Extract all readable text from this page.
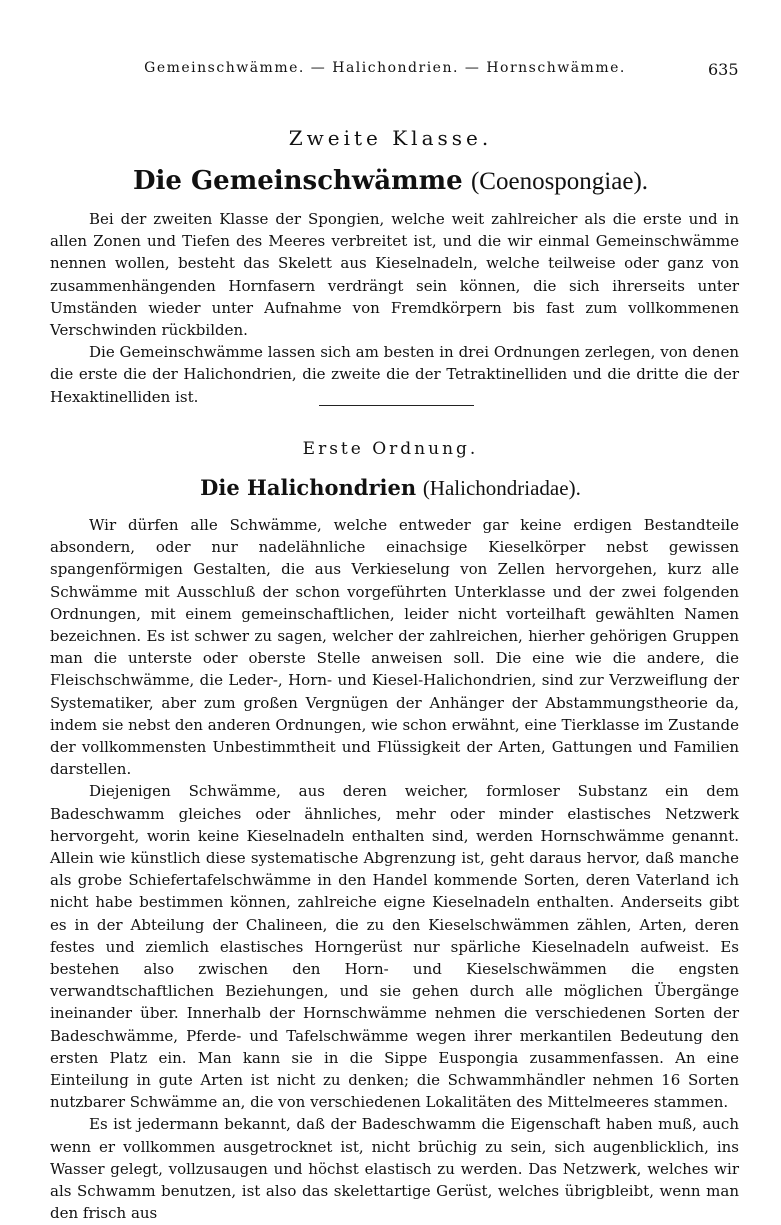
Gemeinschwämme. — Halichondrien. — Hornschwämme.	635
Zweite Klasse.
Die Gemeinschwämme (Coenospongiae).

Bei der zweiten Klasse der Spongien, welche weit zahlreicher als die erste und in allen Zonen und Tiefen des Meeres verbreitet ist, und die wir einmal Gemeinschwämme nennen wollen, besteht das Skelett aus Kieselnadeln, welche teilweise oder ganz von zusammenhängenden Hornfasern verdrängt sein können, die sich ihrerseits unter Umständen wieder unter Aufnahme von Fremdkörpern bis fast zum vollkommenen Verschwinden rückbilden.

Die Gemeinschwämme lassen sich am besten in drei Ordnungen zerlegen, von denen die erste die der Halichondrien, die zweite die der Tetraktinelliden und die dritte die der Hexaktinelliden ist.

Erste Ordnung.
Die Halichondrien (Halichondriadae).

Wir dürfen alle Schwämme, welche entweder gar keine erdigen Bestandteile absondern, oder nur nadelähnliche einachsige Kieselkörper nebst gewissen spangenförmigen Gestalten, die aus Verkieselung von Zellen hervorgehen, kurz alle Schwämme mit Ausschluß der schon vorgeführten Unterklasse und der zwei folgenden Ordnungen, mit einem gemeinschaftlichen, leider nicht vorteilhaft gewählten Namen bezeichnen. Es ist schwer zu sagen, welcher der zahlreichen, hierher gehörigen Gruppen man die unterste oder oberste Stelle anweisen soll. Die eine wie die andere, die Fleischschwämme, die Leder-, Horn- und Kiesel-Halichondrien, sind zur Verzweiflung der Systematiker, aber zum großen Vergnügen der Anhänger der Abstammungstheorie da, indem sie nebst den anderen Ordnungen, wie schon erwähnt, eine Tierklasse im Zustande der vollkommensten Unbestimmtheit und Flüssigkeit der Arten, Gattungen und Familien darstellen.

Diejenigen Schwämme, aus deren weicher, formloser Substanz ein dem Badeschwamm gleiches oder ähnliches, mehr oder minder elastisches Netzwerk hervorgeht, worin keine Kieselnadeln enthalten sind, werden Hornschwämme genannt. Allein wie künstlich diese systematische Abgrenzung ist, geht daraus hervor, daß manche als grobe Schiefertafelschwämme in den Handel kommende Sorten, deren Vaterland ich nicht habe bestimmen können, zahlreiche eigne Kieselnadeln enthalten. Anderseits gibt es in der Abteilung der Chalineen, die zu den Kieselschwämmen zählen, Arten, deren festes und ziemlich elastisches Horngerüst nur spärliche Kieselnadeln aufweist. Es bestehen also zwischen den Horn- und Kieselschwämmen die engsten verwandtschaftlichen Beziehungen, und sie gehen durch alle möglichen Übergänge ineinander über. Innerhalb der Hornschwämme nehmen die verschiedenen Sorten der Badeschwämme, Pferde- und Tafelschwämme wegen ihrer merkantilen Bedeutung den ersten Platz ein. Man kann sie in die Sippe Euspongia zusammenfassen. An eine Einteilung in gute Arten ist nicht zu denken; die Schwammhändler nehmen 16 Sorten nutzbarer Schwämme an, die von verschiedenen Lokalitäten des Mittelmeeres stammen.

Es ist jedermann bekannt, daß der Badeschwamm die Eigenschaft haben muß, auch wenn er vollkommen ausgetrocknet ist, nicht brüchig zu sein, sich augenblicklich, ins Wasser gelegt, vollzusaugen und höchst elastisch zu werden. Das Netzwerk, welches wir als Schwamm benutzen, ist also das skelettartige Gerüst, welches übrigbleibt, wenn man den frisch aus
